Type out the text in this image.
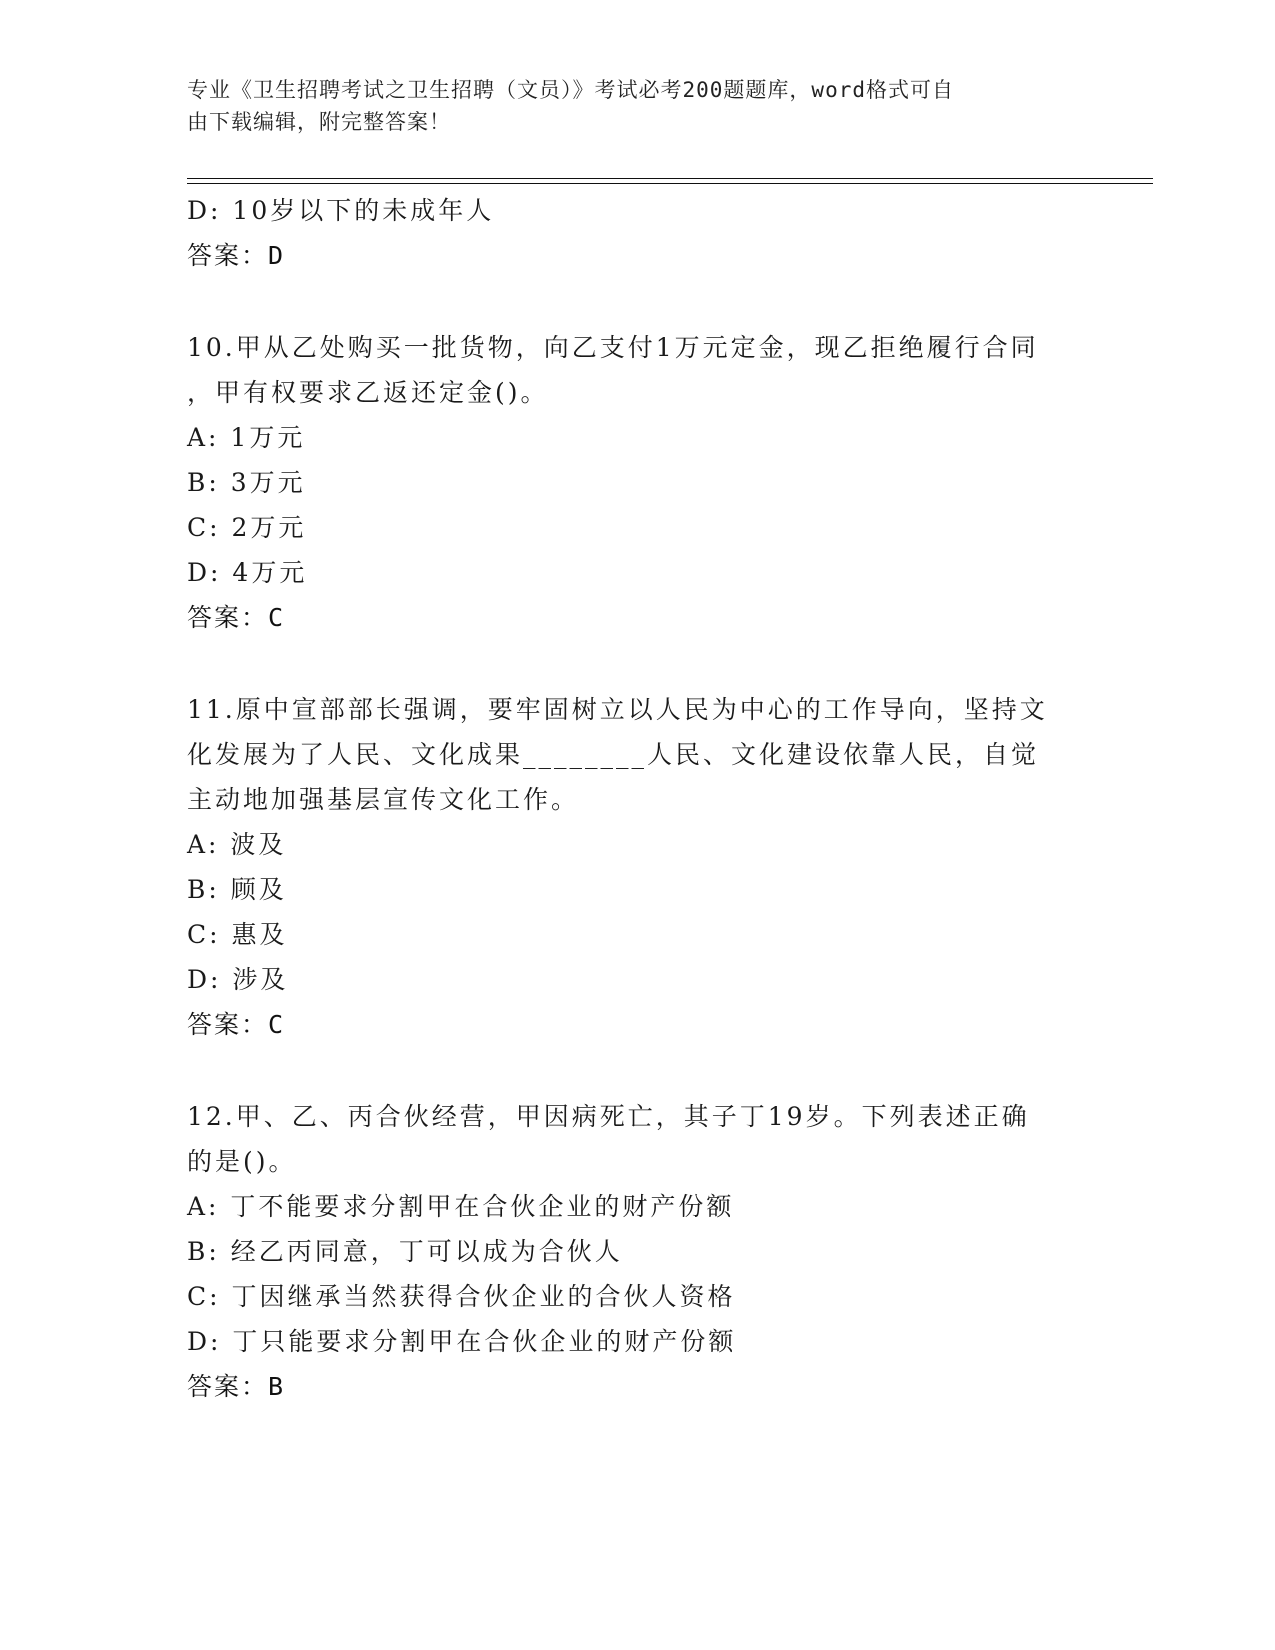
专业《卫生招聘考试之卫生招聘（文员）》考试必考200题题库，word格式可自
由下载编辑，附完整答案！
D: 10岁以下的未成年人
答案：D
10.甲从乙处购买一批货物，向乙支付1万元定金，现乙拒绝履行合同
，甲有权要求乙返还定金()。
A: 1万元
B: 3万元
C: 2万元
D: 4万元
答案：C
11.原中宣部部长强调，要牢固树立以人民为中心的工作导向，坚持文
化发展为了人民、文化成果________人民、文化建设依靠人民，自觉
主动地加强基层宣传文化工作。
A: 波及
B: 顾及
C: 惠及
D: 涉及
答案：C
12.甲、乙、丙合伙经营，甲因病死亡，其子丁19岁。下列表述正确
的是()。
A: 丁不能要求分割甲在合伙企业的财产份额
B: 经乙丙同意，丁可以成为合伙人
C: 丁因继承当然获得合伙企业的合伙人资格
D: 丁只能要求分割甲在合伙企业的财产份额
答案：B
